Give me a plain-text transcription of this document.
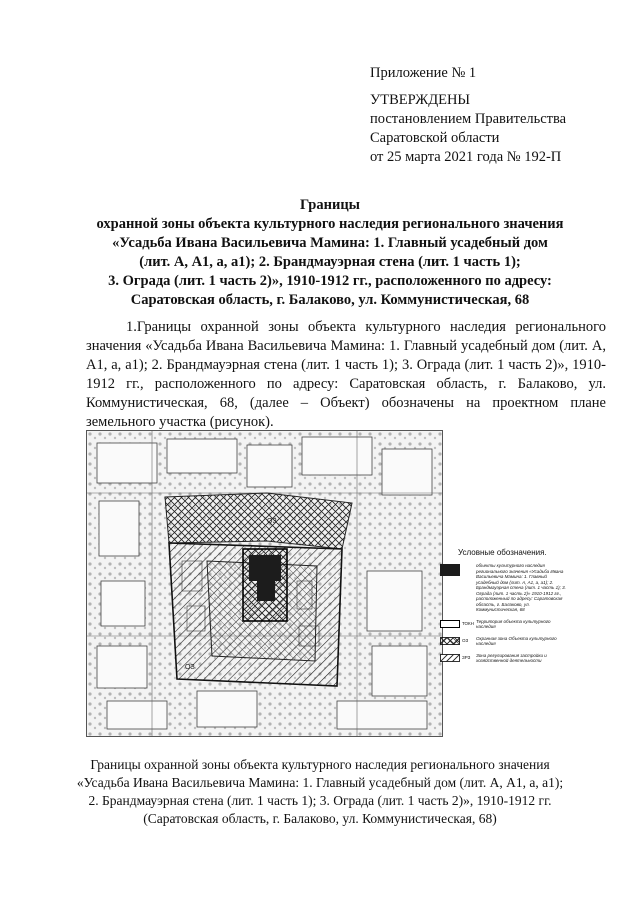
Приложение № 1
УТВЕРЖДЕНЫ
постановлением Правительства
Саратовской области
от 25 марта 2021 года № 192-П
Границы
охранной зоны объекта культурного наследия регионального значения
«Усадьба Ивана Васильевича Мамина: 1. Главный усадебный дом
(лит. А, А1, а, а1); 2. Брандмауэрная стена (лит. 1 часть 1);
3. Ограда (лит. 1 часть 2)», 1910-1912 гг., расположенного по адресу:
Саратовская область, г. Балаково, ул. Коммунистическая, 68
1.Границы охранной зоны объекта культурного наследия регионального значения «Усадьба Ивана Васильевича Мамина: 1. Главный усадебный дом (лит. А, А1, а, а1); 2. Брандмауэрная стена (лит. 1 часть 1); 3. Ограда (лит. 1 часть 2)», 1910-1912 гг., расположенного по адресу: Саратовская область, г. Балаково, ул. Коммунистическая, 68, (далее – Объект) обозначены на проектном плане земельного участка (рисунок).
ОЗ
ОЗ
Условные обозначения.
объекты культурного наследия регионального значения «Усадьба Ивана Васильевича Мамина: 1. Главный усадебный дом (лит. А, А1, а, а1); 2. Брандмауэрная стена (лит. 1 часть 1); 3. Ограда (лит. 1 часть 2)» 1910-1912 гг., расположенный по адресу: Саратовская область, г. Балаково, ул. Коммунистическая, 68
ТОКН Территория объекта культурного наследия
ОЗ	Охранная зона Объекта культурного наследия
ЗРЗ	Зона регулирования застройки и хозяйственной деятельности
Границы охранной зоны объекта культурного наследия регионального значения
«Усадьба Ивана Васильевича Мамина: 1. Главный усадебный дом (лит. А, А1, а, а1);
2. Брандмауэрная стена (лит. 1 часть 1); 3. Ограда (лит. 1 часть 2)», 1910-1912 гг.
(Саратовская область, г. Балаково, ул. Коммунистическая, 68)
